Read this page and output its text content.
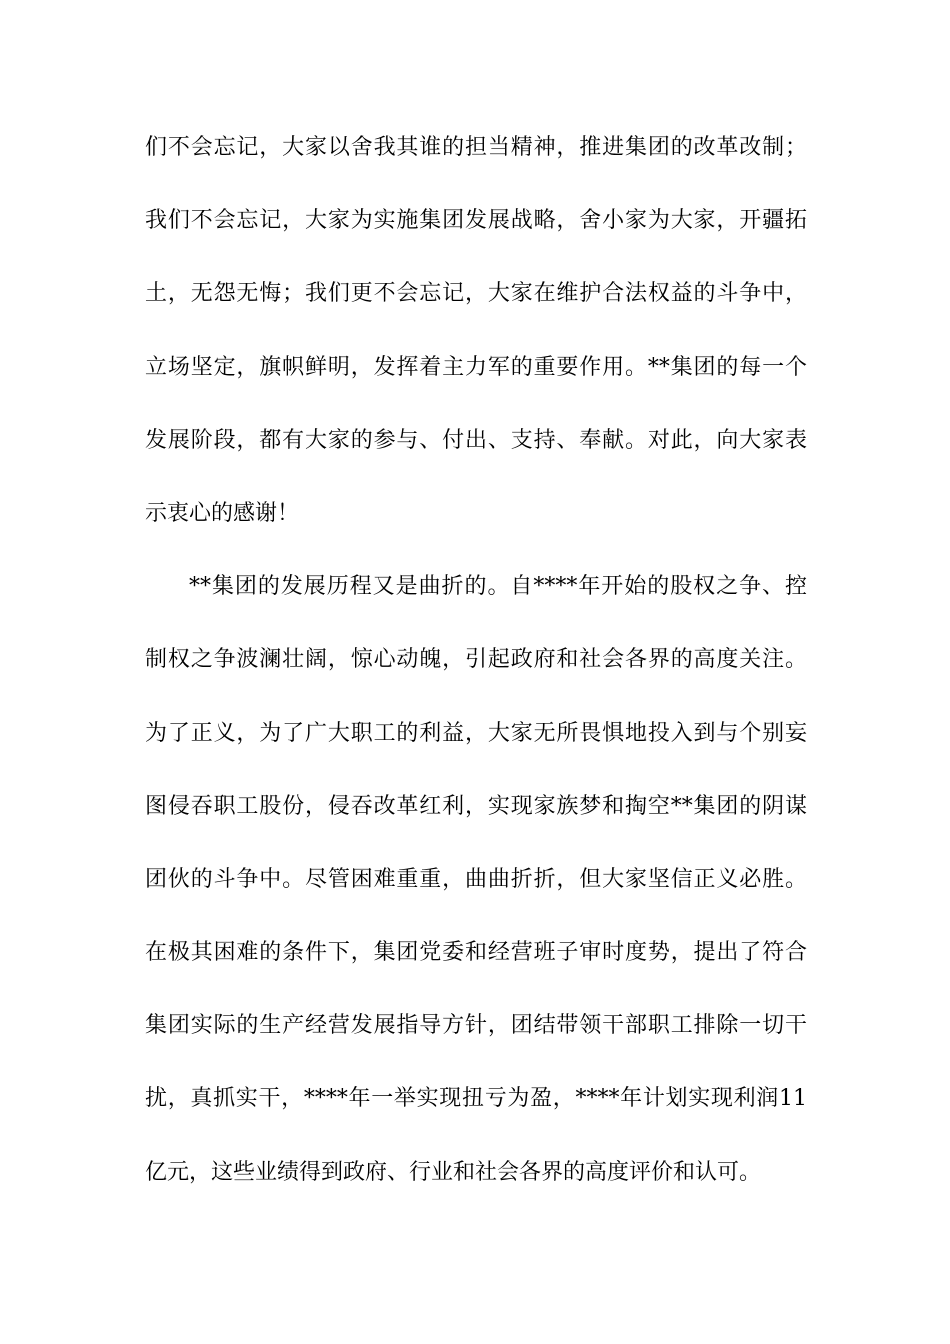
们不会忘记，大家以舍我其谁的担当精神，推进集团的改革改制；
我们不会忘记，大家为实施集团发展战略，舍小家为大家，开疆拓
土，无怨无悔；我们更不会忘记，大家在维护合法权益的斗争中，
立场坚定，旗帜鲜明，发挥着主力军的重要作用。**集团的每一个
发展阶段，都有大家的参与、付出、支持、奉献。对此，向大家表
示衷心的感谢！
**集团的发展历程又是曲折的。自****年开始的股权之争、控
制权之争波澜壮阔，惊心动魄，引起政府和社会各界的高度关注。
为了正义，为了广大职工的利益，大家无所畏惧地投入到与个别妄
图侵吞职工股份，侵吞改革红利，实现家族梦和掏空**集团的阴谋
团伙的斗争中。尽管困难重重，曲曲折折，但大家坚信正义必胜。
在极其困难的条件下，集团党委和经营班子审时度势，提出了符合
集团实际的生产经营发展指导方针，团结带领干部职工排除一切干
扰，真抓实干，****年一举实现扭亏为盈，****年计划实现利润11
亿元，这些业绩得到政府、行业和社会各界的高度评价和认可。
